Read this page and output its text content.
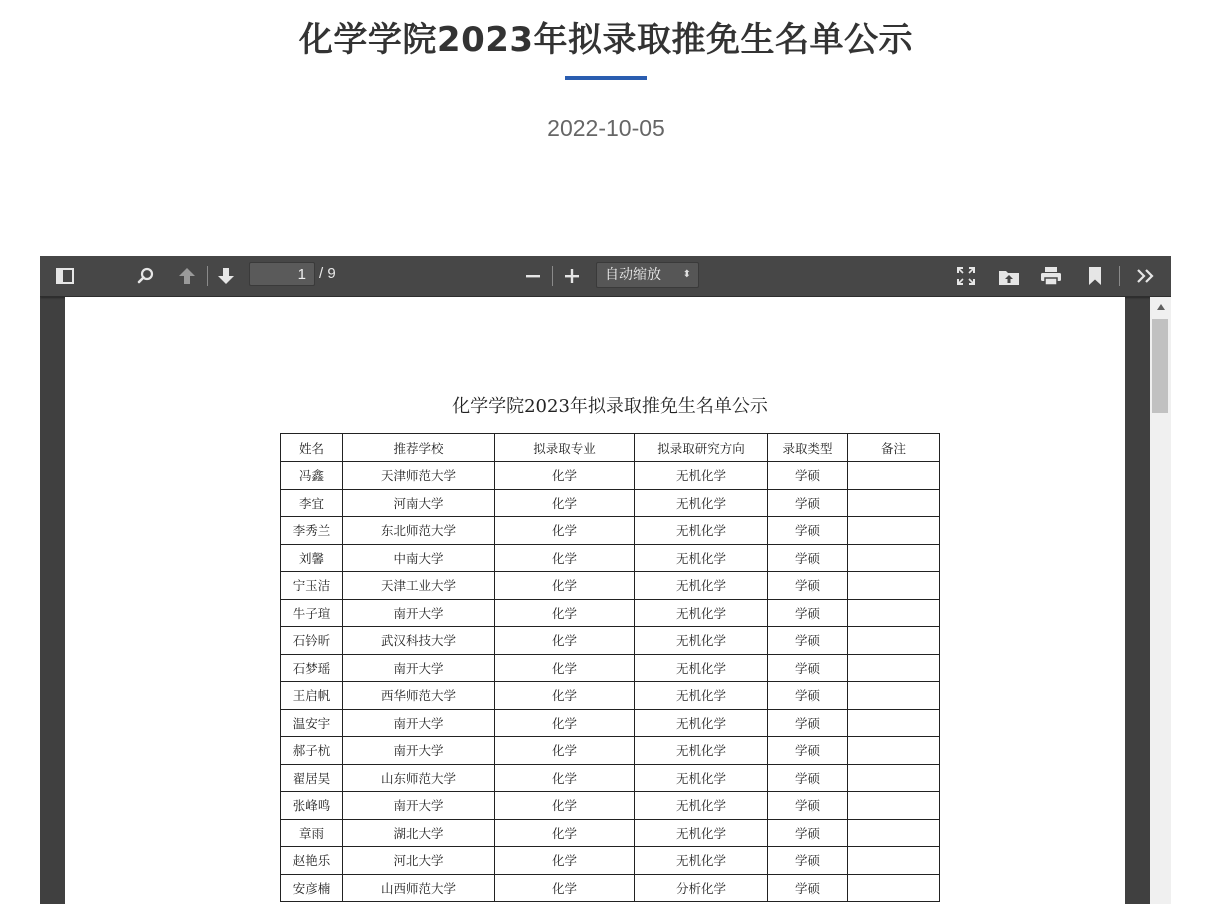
化学学院2023年拟录取推免生名单公示
2022-10-05
1 / 9	自动缩放 ⬍
化学学院2023年拟录取推免生名单公示
姓名	推荐学校	拟录取专业	拟录取研究方向	录取类型	备注
冯鑫	天津师范大学	化学	无机化学	学硕	
李宜	河南大学	化学	无机化学	学硕	
李秀兰	东北师范大学	化学	无机化学	学硕	
刘馨	中南大学	化学	无机化学	学硕	
宁玉洁	天津工业大学	化学	无机化学	学硕	
牛子瑄	南开大学	化学	无机化学	学硕	
石钤昕	武汉科技大学	化学	无机化学	学硕	
石梦瑶	南开大学	化学	无机化学	学硕	
王启帆	西华师范大学	化学	无机化学	学硕	
温安宇	南开大学	化学	无机化学	学硕	
郝子杭	南开大学	化学	无机化学	学硕	
翟居昊	山东师范大学	化学	无机化学	学硕	
张峰鸣	南开大学	化学	无机化学	学硕	
章雨	湖北大学	化学	无机化学	学硕	
赵艳乐	河北大学	化学	无机化学	学硕	
安彦楠	山西师范大学	化学	分析化学	学硕	
